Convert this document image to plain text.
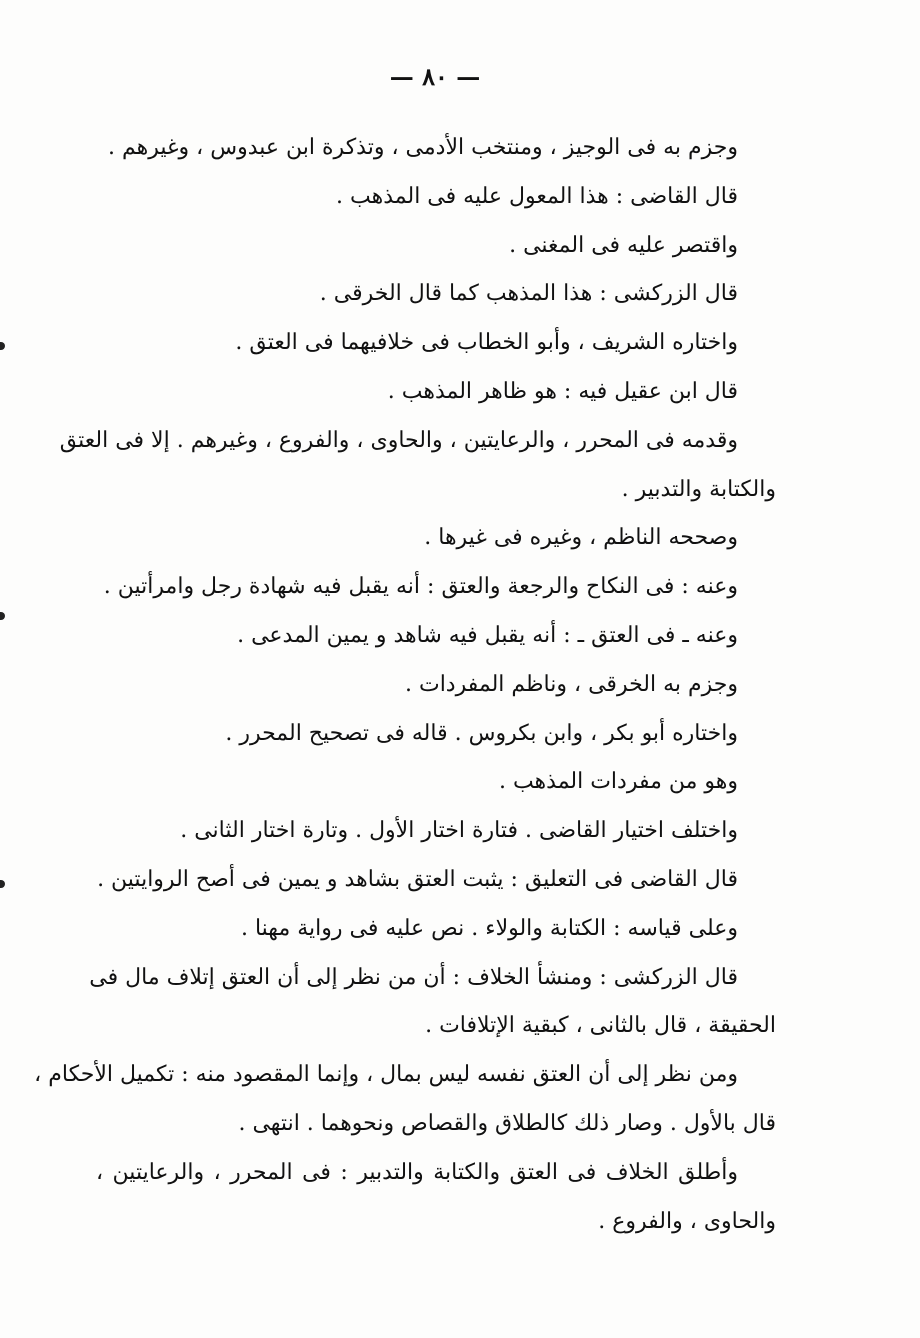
— ٨٠ —
وجزم به فى الوجيز ، ومنتخب الأدمى ، وتذكرة ابن عبدوس ، وغيرهم .
قال القاضى : هذا المعول عليه فى المذهب .
واقتصر عليه فى المغنى .
قال الزركشى : هذا المذهب كما قال الخرقى .
واختاره الشريف ، وأبو الخطاب فى خلافيهما فى العتق .
قال ابن عقيل فيه : هو ظاهر المذهب .
وقدمه فى المحرر ، والرعايتين ، والحاوى ، والفروع ، وغيرهم . إلا فى العتق
والكتابة والتدبير .
وصححه الناظم ، وغيره فى غيرها .
وعنه : فى النكاح والرجعة والعتق : أنه يقبل فيه شهادة رجل وامرأتين .
وعنه ـ فى العتق ـ : أنه يقبل فيه شاهد و يمين المدعى .
وجزم به الخرقى ، وناظم المفردات .
واختاره أبو بكر ، وابن بكروس . قاله فى تصحيح المحرر .
وهو من مفردات المذهب .
واختلف اختيار القاضى . فتارة اختار الأول . وتارة اختار الثانى .
قال القاضى فى التعليق : يثبت العتق بشاهد و يمين فى أصح الروايتين .
وعلى قياسه : الكتابة والولاء . نص عليه فى رواية مهنا .
قال الزركشى : ومنشأ الخلاف : أن من نظر إلى أن العتق إتلاف مال فى
الحقيقة ، قال بالثانى ، كبقية الإتلافات .
ومن نظر إلى أن العتق نفسه ليس بمال ، وإنما المقصود منه : تكميل الأحكام ،
قال بالأول . وصار ذلك كالطلاق والقصاص ونحوهما . انتهى .
وأطلق الخلاف فى العتق والكتابة والتدبير : فى المحرر ، والرعايتين ،
والحاوى ، والفروع .
